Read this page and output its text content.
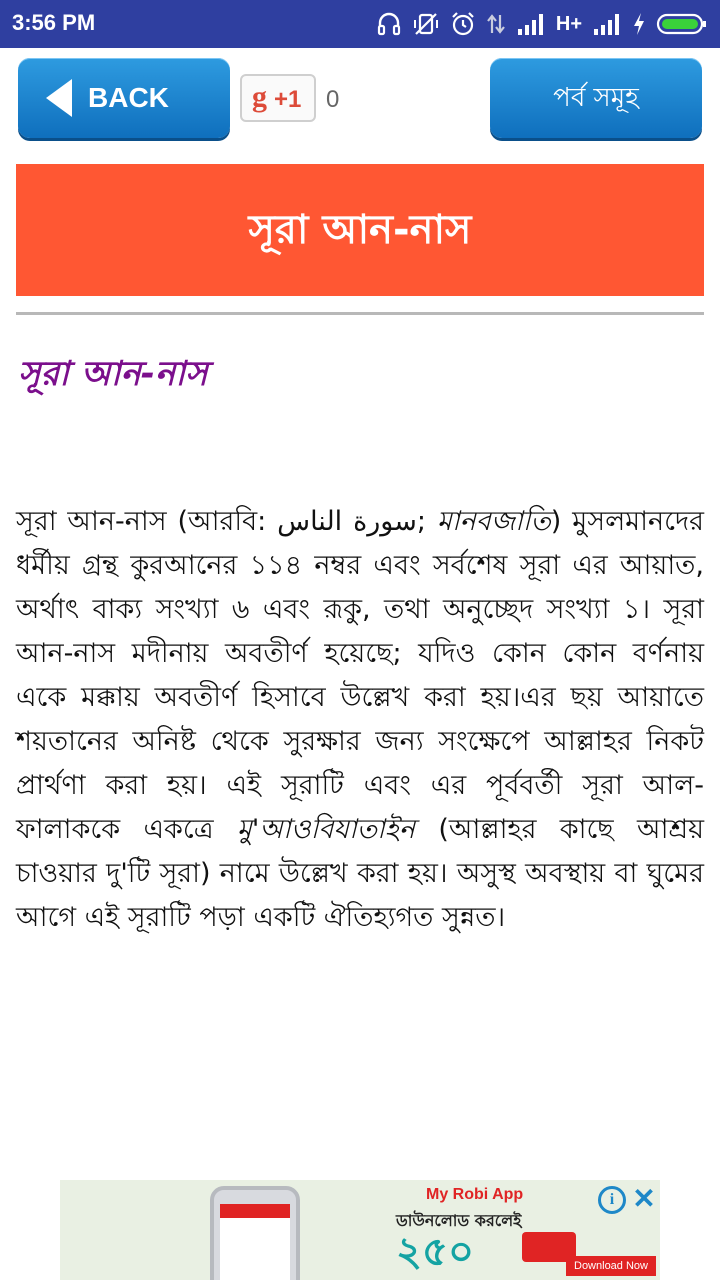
3:56 PM	H+
BACK	g +1 0	পর্ব সমূহ
সূরা আন-নাস
সূরা আন-নাস

সূরা আন-নাস (আরবি: سورة الناس; মানবজাতি) মুসলমানদের ধর্মীয় গ্রন্থ কুরআনের ১১৪ নম্বর এবং সর্বশেষ সূরা এর আয়াত, অর্থাৎ বাক্য সংখ্যা ৬ এবং রূকু, তথা অনুচ্ছেদ সংখ্যা ১। সূরা আন-নাস মদীনায় অবতীর্ণ হয়েছে; যদিও কোন কোন বর্ণনায় একে মক্কায় অবতীর্ণ হিসাবে উল্লেখ করা হয়।এর ছয় আয়াতে শয়তানের অনিষ্ট থেকে সুরক্ষার জন্য সংক্ষেপে আল্লাহর নিকট প্রার্থণা করা হয়। এই সূরাটি এবং এর পূর্ববর্তী সূরা আল-ফালাককে একত্রে মু'আওবিযাতাইন (আল্লাহর কাছে আশ্রয় চাওয়ার দু'টি সূরা) নামে উল্লেখ করা হয়। অসুস্থ অবস্থায় বা ঘুমের আগে এই সূরাটি পড়া একটি ঐতিহ্যগত সুন্নত।

My Robi App
ডাউনলোড করলেই
২৫০	Download Now
i ✕
